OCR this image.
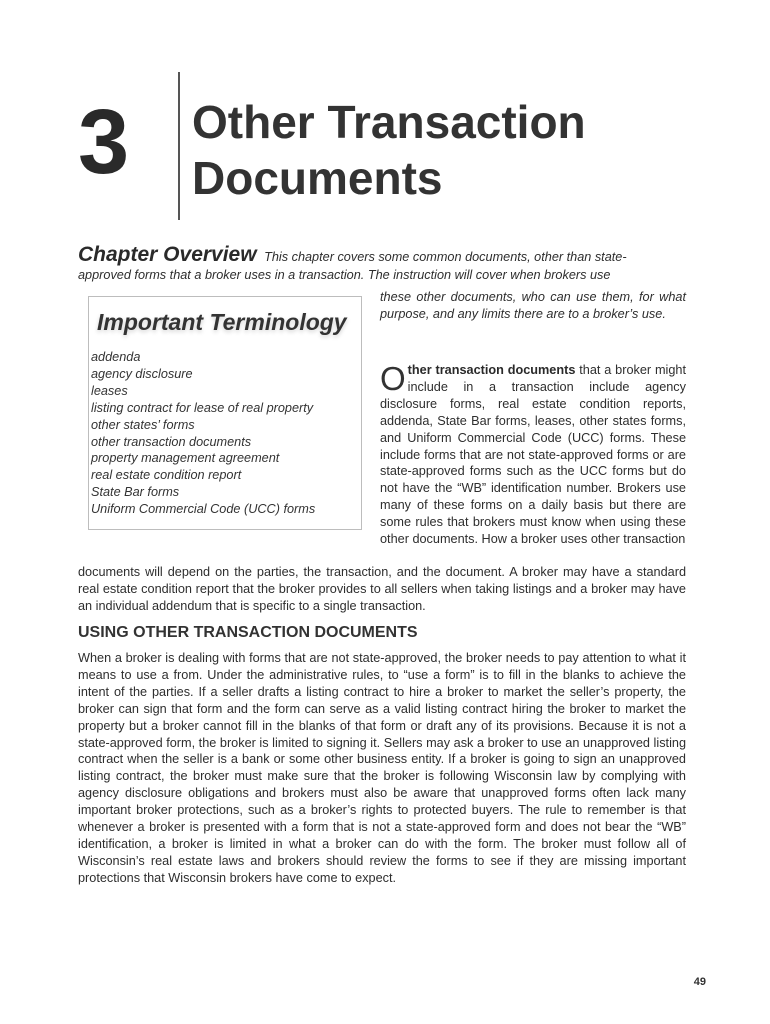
3 Other Transaction
Documents
Chapter Overview This chapter covers some common documents, other than state-
approved forms that a broker uses in a transaction. The instruction will cover when brokers use
these other documents, who can use them, for what purpose, and any limits there are to a broker’s use.
Important Terminology
addenda
agency disclosure
leases
listing contract for lease of real property
other states’ forms
other transaction documents
property management agreement
real estate condition report
State Bar forms
Uniform Commercial Code (UCC) forms
Other transaction documents that a broker might include in a transaction include agency disclosure forms, real estate condition reports, addenda, State Bar forms, leases, other states forms, and Uniform Commercial Code (UCC) forms. These include forms that are not state-approved forms or are state-approved forms such as the UCC forms but do not have the “WB” identification number. Brokers use many of these forms on a daily basis but there are some rules that brokers must know when using these other documents. How a broker uses other transaction
documents will depend on the parties, the transaction, and the document. A broker may have a standard real estate condition report that the broker provides to all sellers when taking listings and a broker may have an individual addendum that is specific to a single transaction.
USING OTHER TRANSACTION DOCUMENTS
When a broker is dealing with forms that are not state-approved, the broker needs to pay attention to what it means to use a from. Under the administrative rules, to “use a form” is to fill in the blanks to achieve the intent of the parties. If a seller drafts a listing contract to hire a broker to market the seller’s property, the broker can sign that form and the form can serve as a valid listing contract hiring the broker to market the property but a broker cannot fill in the blanks of that form or draft any of its provisions. Because it is not a state-approved form, the broker is limited to signing it. Sellers may ask a broker to use an unapproved listing contract when the seller is a bank or some other business entity. If a broker is going to sign an unapproved listing contract, the broker must make sure that the broker is following Wisconsin law by complying with agency disclosure obligations and brokers must also be aware that unapproved forms often lack many important broker protections, such as a broker’s rights to protected buyers. The rule to remember is that whenever a broker is presented with a form that is not a state-approved form and does not bear the “WB” identification, a broker is limited in what a broker can do with the form. The broker must follow all of Wisconsin’s real estate laws and brokers should review the forms to see if they are missing important protections that Wisconsin brokers have come to expect.
49
